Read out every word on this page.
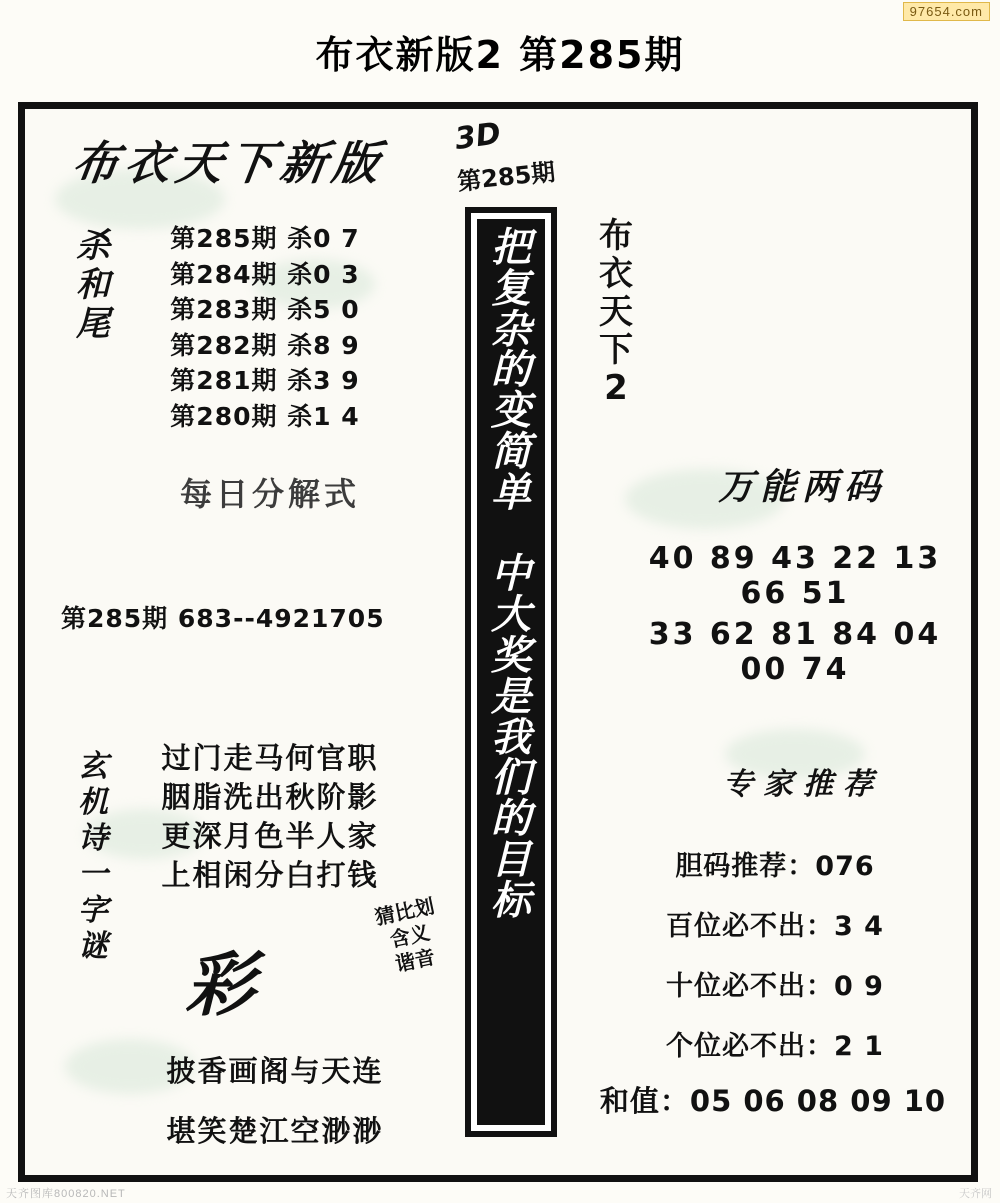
97654.com
布衣新版2 第285期
布衣天下新版 3D
第285期
杀
和
尾
第285期 杀0 7
第284期 杀0 3
第283期 杀5 0
第282期 杀8 9
第281期 杀3 9
第280期 杀1 4
每日分解式
第285期 683--4921705
把
复
杂
的
变
简
单

中
大
奖
是
我
们
的
目
标
布
衣
天
下
2
万能两码
40 89 43 22 13 66 51
33 62 81 84 04 00 74
专家推荐
胆码推荐：076
百位必不出：3 4
十位必不出：0 9
个位必不出：2 1
和值：05 06 08 09 10
玄
机
诗
一
字
谜
过门走马何官职
胭脂洗出秋阶影
更深月色半人家
上相闲分白打钱
彩
猜比划
含义
谐音
披香画阁与天连
堪笑楚江空渺渺
天齐图库800820.NET	天齐网
